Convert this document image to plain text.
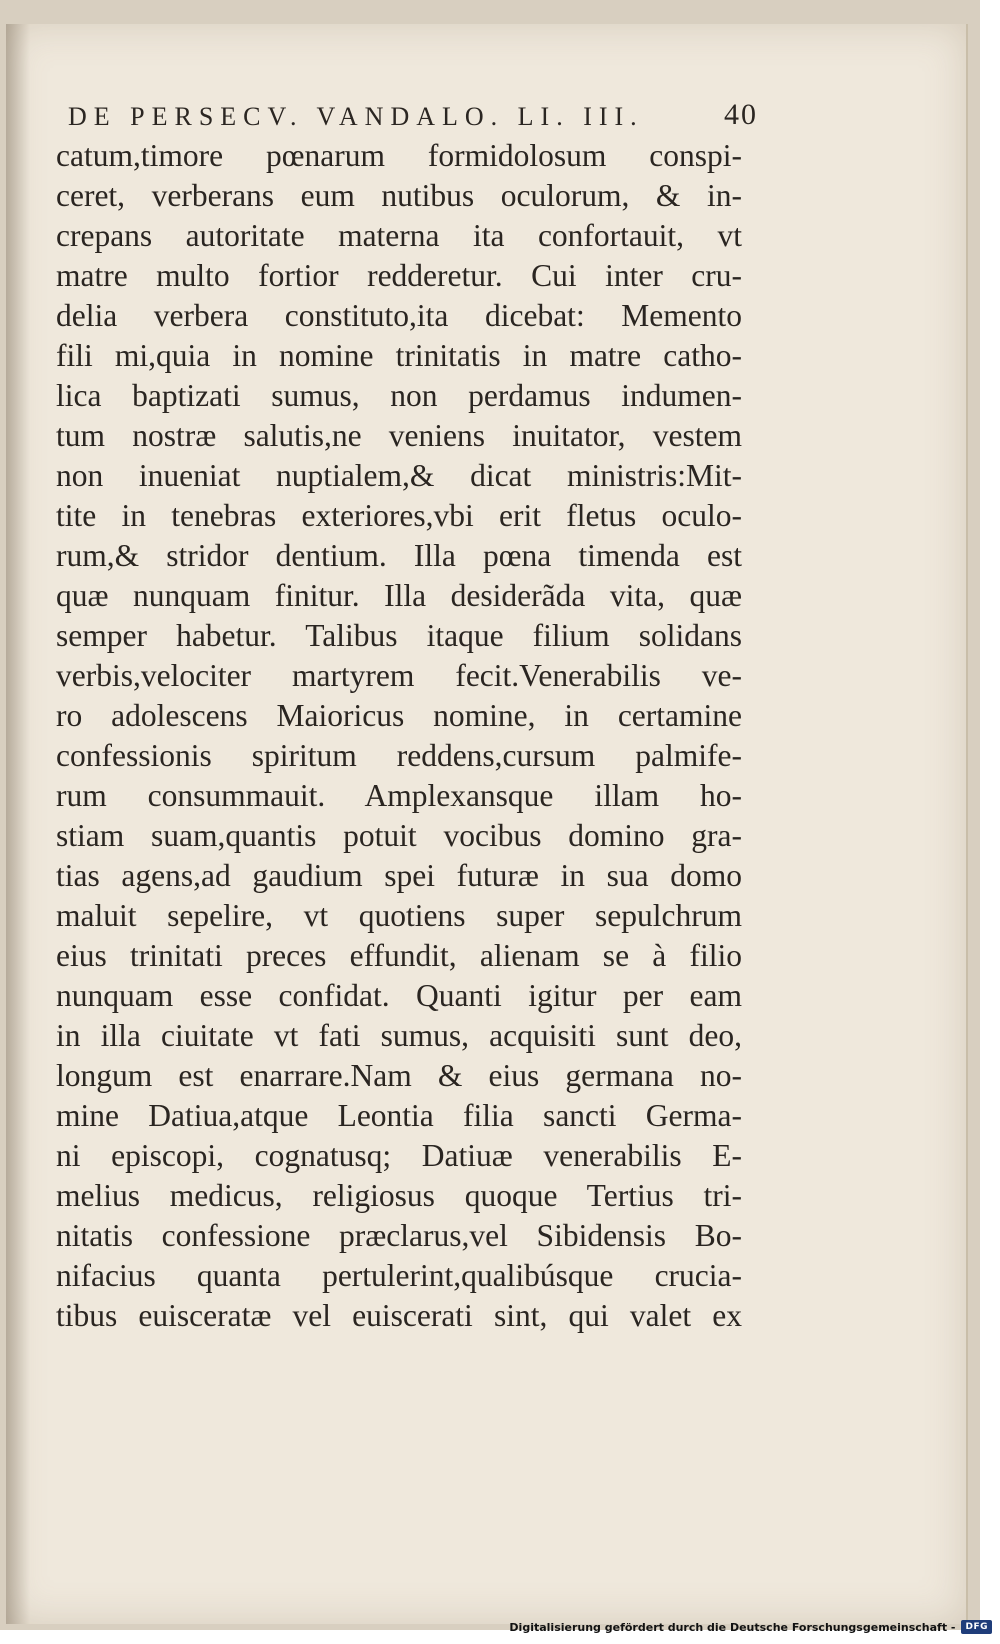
DE PERSECV. VANDALO. LI. III.	40
catum,timore pœnarum formidolosum conspi-
ceret, verberans eum nutibus oculorum, & in-
crepans autoritate materna ita confortauit, vt
matre multo fortior redderetur. Cui inter cru-
delia verbera constituto,ita dicebat: Memento
fili mi,quia in nomine trinitatis in matre catho-
lica baptizati sumus, non perdamus indumen-
tum nostræ salutis,ne veniens inuitator, vestem
non inueniat nuptialem,& dicat ministris:Mit-
tite in tenebras exteriores,vbi erit fletus oculo-
rum,& stridor dentium. Illa pœna timenda est
quæ nunquam finitur. Illa desiderãda vita, quæ
semper habetur. Talibus itaque filium solidans
verbis,velociter martyrem fecit.Venerabilis ve-
ro adolescens Maioricus nomine, in certamine
confessionis spiritum reddens,cursum palmife-
rum consummauit. Amplexansque illam ho-
stiam suam,quantis potuit vocibus domino gra-
tias agens,ad gaudium spei futuræ in sua domo
maluit sepelire, vt quotiens super sepulchrum
eius trinitati preces effundit, alienam se à filio
nunquam esse confidat. Quanti igitur per eam
in illa ciuitate vt fati sumus, acquisiti sunt deo,
longum est enarrare.Nam & eius germana no-
mine Datiua,atque Leontia filia sancti Germa-
ni episcopi, cognatusq; Datiuæ venerabilis E-
melius medicus, religiosus quoque Tertius tri-
nitatis confessione præclarus,vel Sibidensis Bo-
nifacius quanta pertulerint,qualibúsque crucia-
tibus euisceratæ vel euiscerati sint, qui valet ex
Digitalisierung gefördert durch die Deutsche Forschungsgemeinschaft -	DFG
